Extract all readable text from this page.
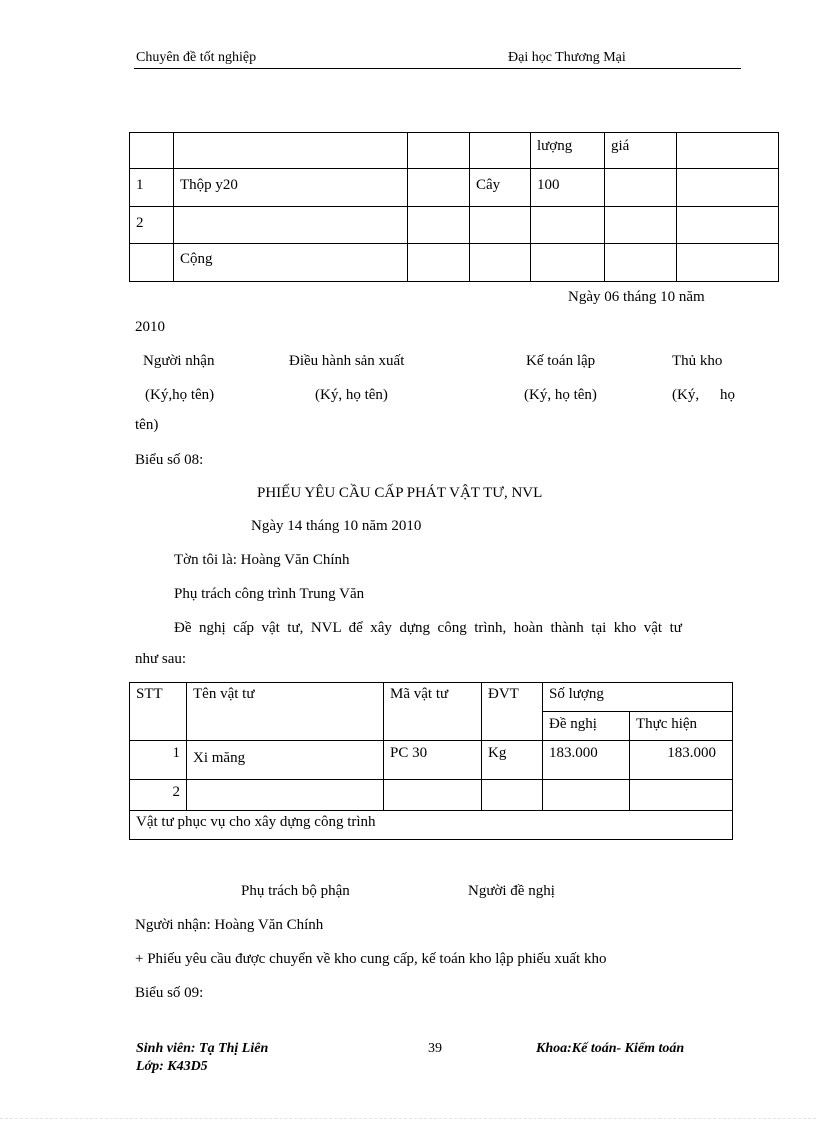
Chuyên đề tốt nghiệp	Đại học Thương Mại
				lượng	giá	
1	Thộp y20		Cây	100		
2						
	Cộng					
Ngày 06 tháng 10 năm
2010
Người nhận	Điều hành sản xuất	Kế toán lập	Thủ kho
(Ký,họ tên)	(Ký, họ tên)	(Ký, họ tên)	(Ký, họ
tên)
Biểu số 08:
PHIẾU YÊU CẦU CẤP PHÁT VẬT TƯ, NVL
Ngày 14 tháng 10 năm 2010
Tờn tôi là: Hoàng Văn Chính
Phụ trách công trình Trung Văn
Đề  nghị  cấp  vật  tư,  NVL  để  xây  dựng  công  trình,  hoàn  thành  tại  kho  vật  tư
như sau:
STT	Tên vật tư	Mã vật tư	ĐVT	Số lượng	
				Đề nghị	Thực hiện
1	Xi măng	PC 30	Kg	183.000	183.000
2					
Vật tư phục vụ cho xây dựng công trình					
Phụ trách bộ phận	Người đề nghị
Người nhận: Hoàng Văn Chính
+ Phiếu yêu cầu được chuyển về kho cung cấp, kế toán kho lập phiếu xuất kho
Biểu số 09:
Sinh viên: Tạ Thị Liên	39	Khoa:Kế toán- Kiểm toán
Lớp: K43D5
